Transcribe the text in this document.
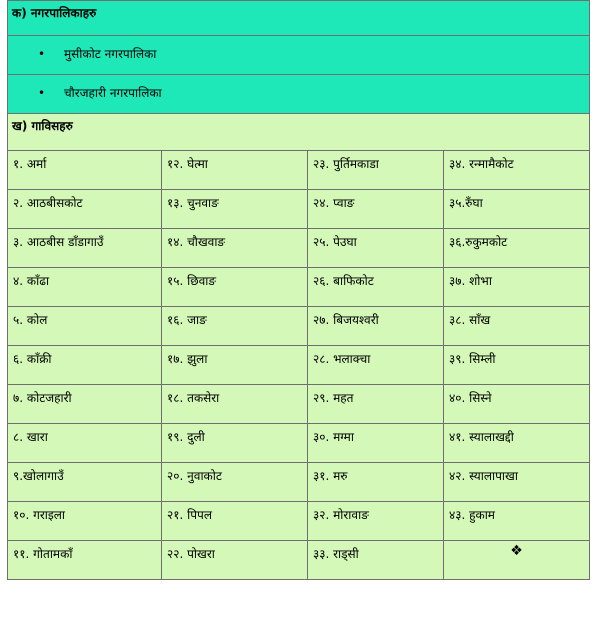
क) नगरपालिकाहरु			

• मुसीकोट नगरपालिका			

• चौरजहारी नगरपालिका			

ख) गाविसहरु			

१. अर्मा	१२. घेत्मा	२३. पुर्तिमकाडा	३४. रन्मामैकोट

२. आठबीसकोट	१३. चुनवाङ	२४. प्वाङ	३५.रुँघा

३. आठबीस डाँडागाउँ	१४. चौखवाङ	२५. पेउघा	३६.रुकुमकोट

४. काँढा	१५. छिवाङ	२६. बाफिकोट	३७. शोभा

५. कोल	१६. जाङ	२७. बिजयश्वरी	३८. साँख

६. काँक्री	१७. झुला	२८. भलाक्चा	३९. सिम्ली

७. कोटजहारी	१८. तकसेरा	२९. महत	४०. सिस्ने

८. खारा	१९. दुली	३०. मग्मा	४१. स्यालाखद्दी

९.खोलागाउँ	२०. नुवाकोट	३१. मरु	४२. स्यालापाखा

१०. गराइला	२१. पिपल	३२. मोरावाङ	४३. हुकाम

११. गोतामकाँ	२२. पोखरा	३३. राड्सी	❖
